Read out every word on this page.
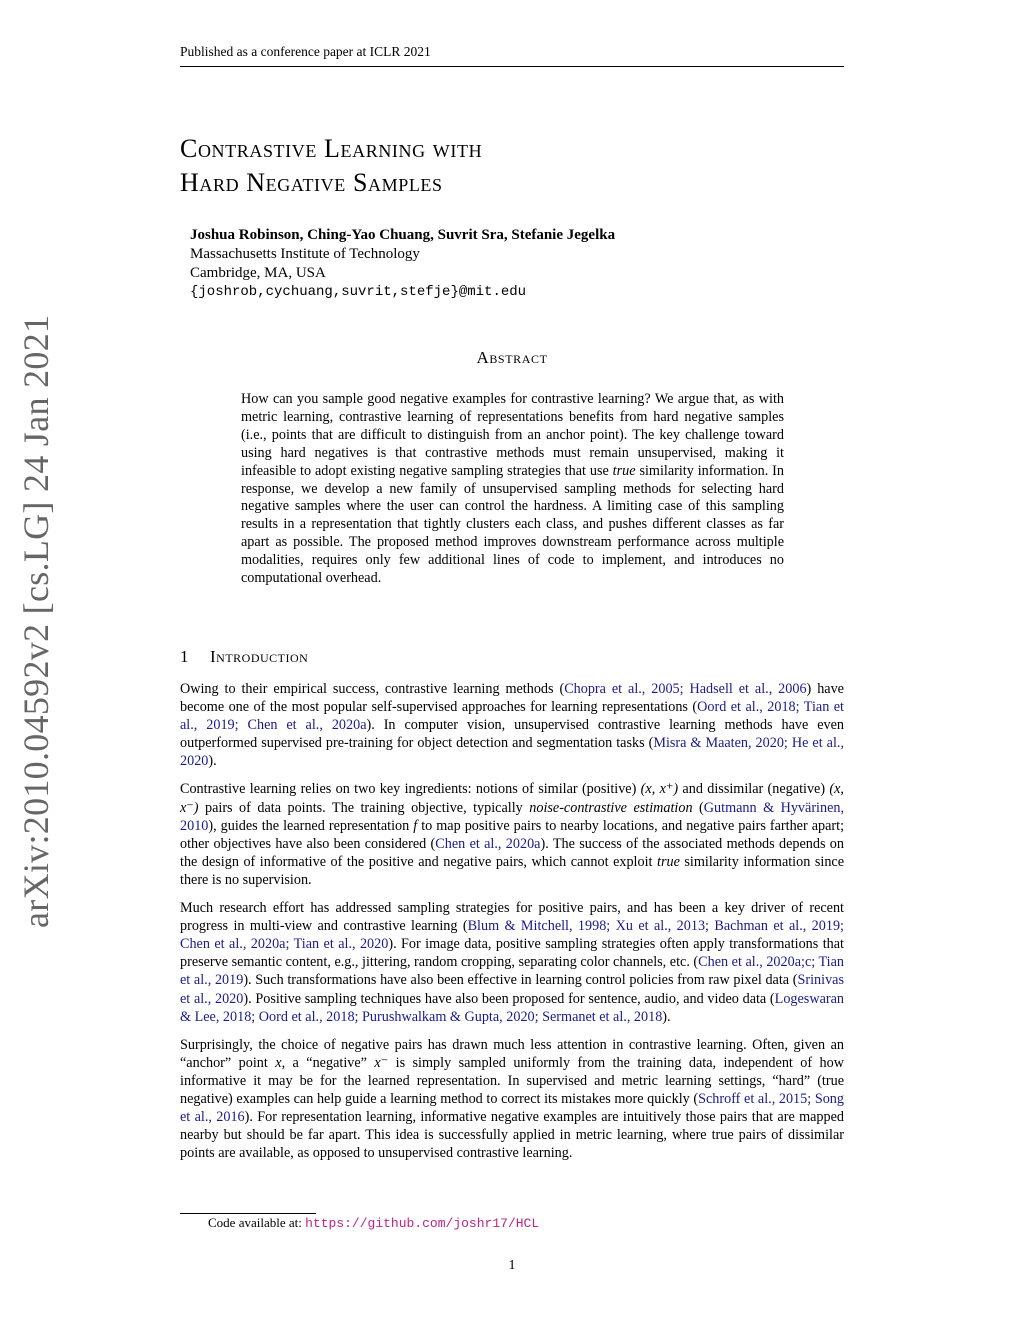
Published as a conference paper at ICLR 2021
Contrastive Learning with
Hard Negative Samples
Joshua Robinson, Ching-Yao Chuang, Suvrit Sra, Stefanie Jegelka
Massachusetts Institute of Technology
Cambridge, MA, USA
{joshrob,cychuang,suvrit,stefje}@mit.edu
arXiv:2010.04592v2 [cs.LG] 24 Jan 2021	Abstract

How can you sample good negative examples for contrastive learning? We argue that, as with metric learning, contrastive learning of representations benefits from hard negative samples (i.e., points that are difficult to distinguish from an anchor point). The key challenge toward using hard negatives is that contrastive methods must remain unsupervised, making it infeasible to adopt existing negative sampling strategies that use true similarity information. In response, we develop a new family of unsupervised sampling methods for selecting hard negative samples where the user can control the hardness. A limiting case of this sampling results in a representation that tightly clusters each class, and pushes different classes as far apart as possible. The proposed method improves downstream performance across multiple modalities, requires only few additional lines of code to implement, and introduces no computational overhead.

1 Introduction

Owing to their empirical success, contrastive learning methods (Chopra et al., 2005; Hadsell et al., 2006) have become one of the most popular self-supervised approaches for learning representations (Oord et al., 2018; Tian et al., 2019; Chen et al., 2020a). In computer vision, unsupervised contrastive learning methods have even outperformed supervised pre-training for object detection and segmentation tasks (Misra & Maaten, 2020; He et al., 2020).

Contrastive learning relies on two key ingredients: notions of similar (positive) (x, x⁺) and dissimilar (negative) (x, x⁻) pairs of data points. The training objective, typically noise-contrastive estimation (Gutmann & Hyvärinen, 2010), guides the learned representation f to map positive pairs to nearby locations, and negative pairs farther apart; other objectives have also been considered (Chen et al., 2020a). The success of the associated methods depends on the design of informative of the positive and negative pairs, which cannot exploit true similarity information since there is no supervision.

Much research effort has addressed sampling strategies for positive pairs, and has been a key driver of recent progress in multi-view and contrastive learning (Blum & Mitchell, 1998; Xu et al., 2013; Bachman et al., 2019; Chen et al., 2020a; Tian et al., 2020). For image data, positive sampling strategies often apply transformations that preserve semantic content, e.g., jittering, random cropping, separating color channels, etc. (Chen et al., 2020a;c; Tian et al., 2019). Such transformations have also been effective in learning control policies from raw pixel data (Srinivas et al., 2020). Positive sampling techniques have also been proposed for sentence, audio, and video data (Logeswaran & Lee, 2018; Oord et al., 2018; Purushwalkam & Gupta, 2020; Sermanet et al., 2018).

Surprisingly, the choice of negative pairs has drawn much less attention in contrastive learning. Often, given an “anchor” point x, a “negative” x⁻ is simply sampled uniformly from the training data, independent of how informative it may be for the learned representation. In supervised and metric learning settings, “hard” (true negative) examples can help guide a learning method to correct its mistakes more quickly (Schroff et al., 2015; Song et al., 2016). For representation learning, informative negative examples are intuitively those pairs that are mapped nearby but should be far apart. This idea is successfully applied in metric learning, where true pairs of dissimilar points are available, as opposed to unsupervised contrastive learning.

Code available at: https://github.com/joshr17/HCL
1
